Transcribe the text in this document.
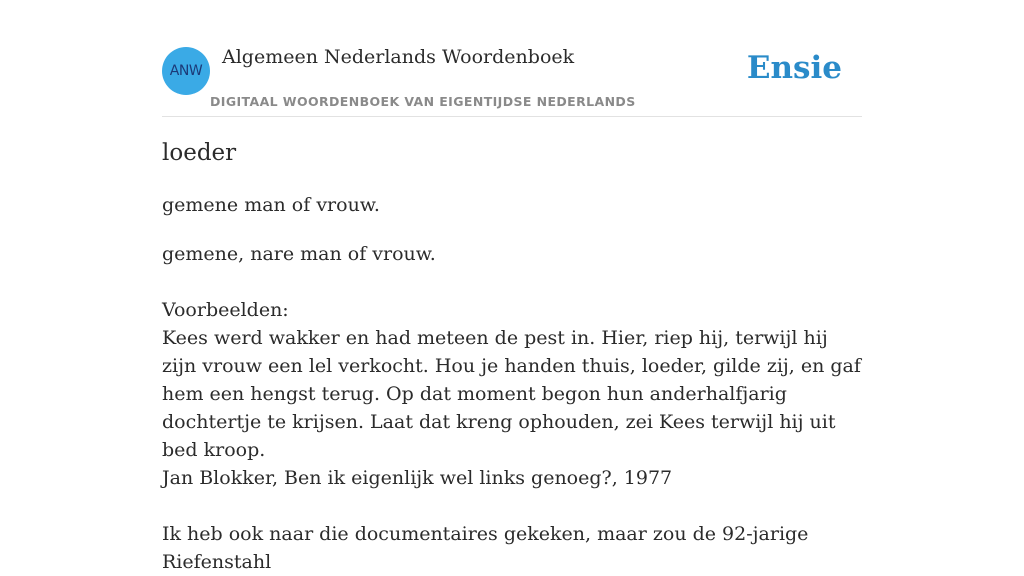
ANW
Algemeen Nederlands Woordenboek
DIGITAAL WOORDENBOEK VAN EIGENTIJDSE NEDERLANDS
Ensie
loeder
gemene man of vrouw.

gemene, nare man of vrouw.

Voorbeelden:

Kees werd wakker en had meteen de pest in. Hier, riep hij, terwijl hij zijn vrouw een lel verkocht. Hou je handen thuis, loeder, gilde zij, en gaf hem een hengst terug. Op dat moment begon hun anderhalfjarig dochtertje te krijsen. Laat dat kreng ophouden, zei Kees terwijl hij uit bed kroop.

Jan Blokker, Ben ik eigenlijk wel links genoeg?, 1977

Ik heb ook naar die documentaires gekeken, maar zou de 92-jarige Riefenstahl
